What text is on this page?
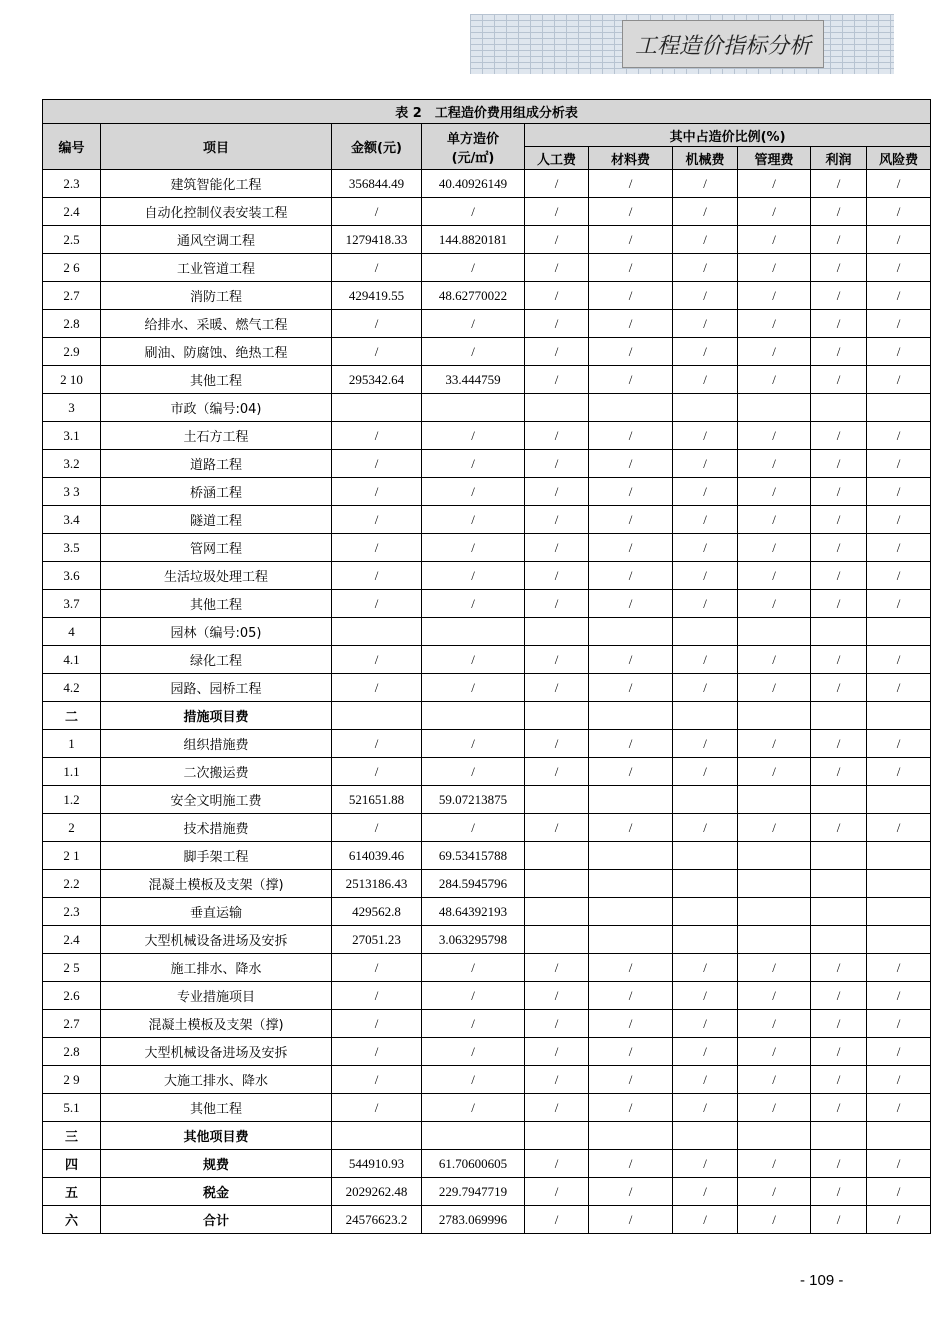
工程造价指标分析
表 2　工程造价费用组成分析表									
编号	项目	金额(元)	单方造价
(元/㎡)	其中占造价比例(%)					
				人工费	材料费	机械费	管理费	利润	风险费
2.3	建筑智能化工程	356844.49	40.40926149	/	/	/	/	/	/
2.4	自动化控制仪表安装工程	/	/	/	/	/	/	/	/
2.5	通风空调工程	1279418.33	144.8820181	/	/	/	/	/	/
2 6	工业管道工程	/	/	/	/	/	/	/	/
2.7	消防工程	429419.55	48.62770022	/	/	/	/	/	/
2.8	给排水、采暖、燃气工程	/	/	/	/	/	/	/	/
2.9	刷油、防腐蚀、绝热工程	/	/	/	/	/	/	/	/
2 10	其他工程	295342.64	33.444759	/	/	/	/	/	/
3	市政（编号:04)								
3.1	土石方工程	/	/	/	/	/	/	/	/
3.2	道路工程	/	/	/	/	/	/	/	/
3 3	桥涵工程	/	/	/	/	/	/	/	/
3.4	隧道工程	/	/	/	/	/	/	/	/
3.5	管网工程	/	/	/	/	/	/	/	/
3.6	生活垃圾处理工程	/	/	/	/	/	/	/	/
3.7	其他工程	/	/	/	/	/	/	/	/
4	园林（编号:05)								
4.1	绿化工程	/	/	/	/	/	/	/	/
4.2	园路、园桥工程	/	/	/	/	/	/	/	/
二	措施项目费								
1	组织措施费	/	/	/	/	/	/	/	/
1.1	二次搬运费	/	/	/	/	/	/	/	/
1.2	安全文明施工费	521651.88	59.07213875						
2	技术措施费	/	/	/	/	/	/	/	/
2 1	脚手架工程	614039.46	69.53415788						
2.2	混凝土模板及支架（撑)	2513186.43	284.5945796						
2.3	垂直运输	429562.8	48.64392193						
2.4	大型机械设备进场及安拆	27051.23	3.063295798						
2 5	施工排水、降水	/	/	/	/	/	/	/	/
2.6	专业措施项目	/	/	/	/	/	/	/	/
2.7	混凝土模板及支架（撑)	/	/	/	/	/	/	/	/
2.8	大型机械设备进场及安拆	/	/	/	/	/	/	/	/
2 9	大施工排水、降水	/	/	/	/	/	/	/	/
5.1	其他工程	/	/	/	/	/	/	/	/
三	其他项目费								
四	规费	544910.93	61.70600605	/	/	/	/	/	/
五	税金	2029262.48	229.7947719	/	/	/	/	/	/
六	合计	24576623.2	2783.069996	/	/	/	/	/	/
- 109 -
